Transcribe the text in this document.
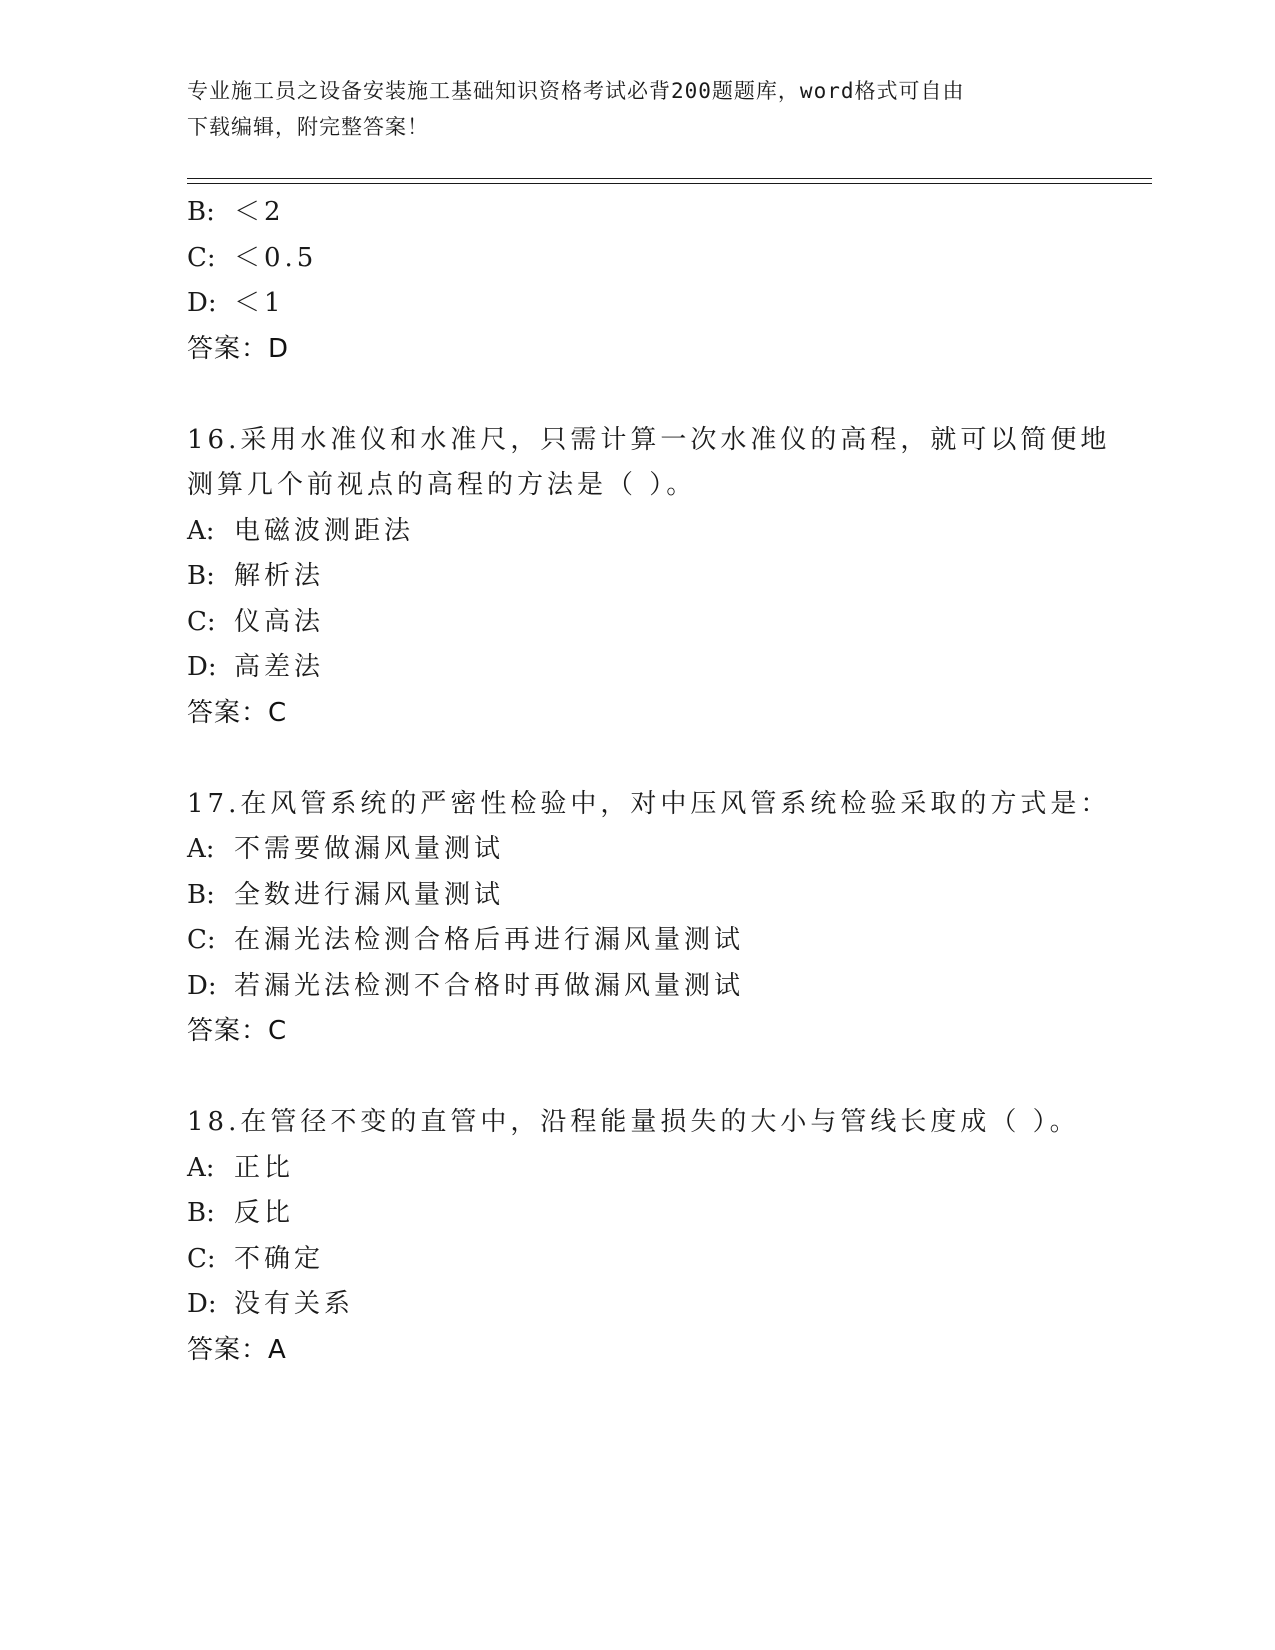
专业施工员之设备安装施工基础知识资格考试必背200题题库，word格式可自由
下载编辑，附完整答案！
B: ＜2
C: ＜0.5
D: ＜1
答案：D
16.采用水准仪和水准尺，只需计算一次水准仪的高程，就可以简便地
测算几个前视点的高程的方法是（ ）。
A: 电磁波测距法
B: 解析法
C: 仪高法
D: 高差法
答案：C
17.在风管系统的严密性检验中，对中压风管系统检验采取的方式是：
A: 不需要做漏风量测试
B: 全数进行漏风量测试
C: 在漏光法检测合格后再进行漏风量测试
D: 若漏光法检测不合格时再做漏风量测试
答案：C
18.在管径不变的直管中，沿程能量损失的大小与管线长度成（ ）。
A: 正比
B: 反比
C: 不确定
D: 没有关系
答案：A
